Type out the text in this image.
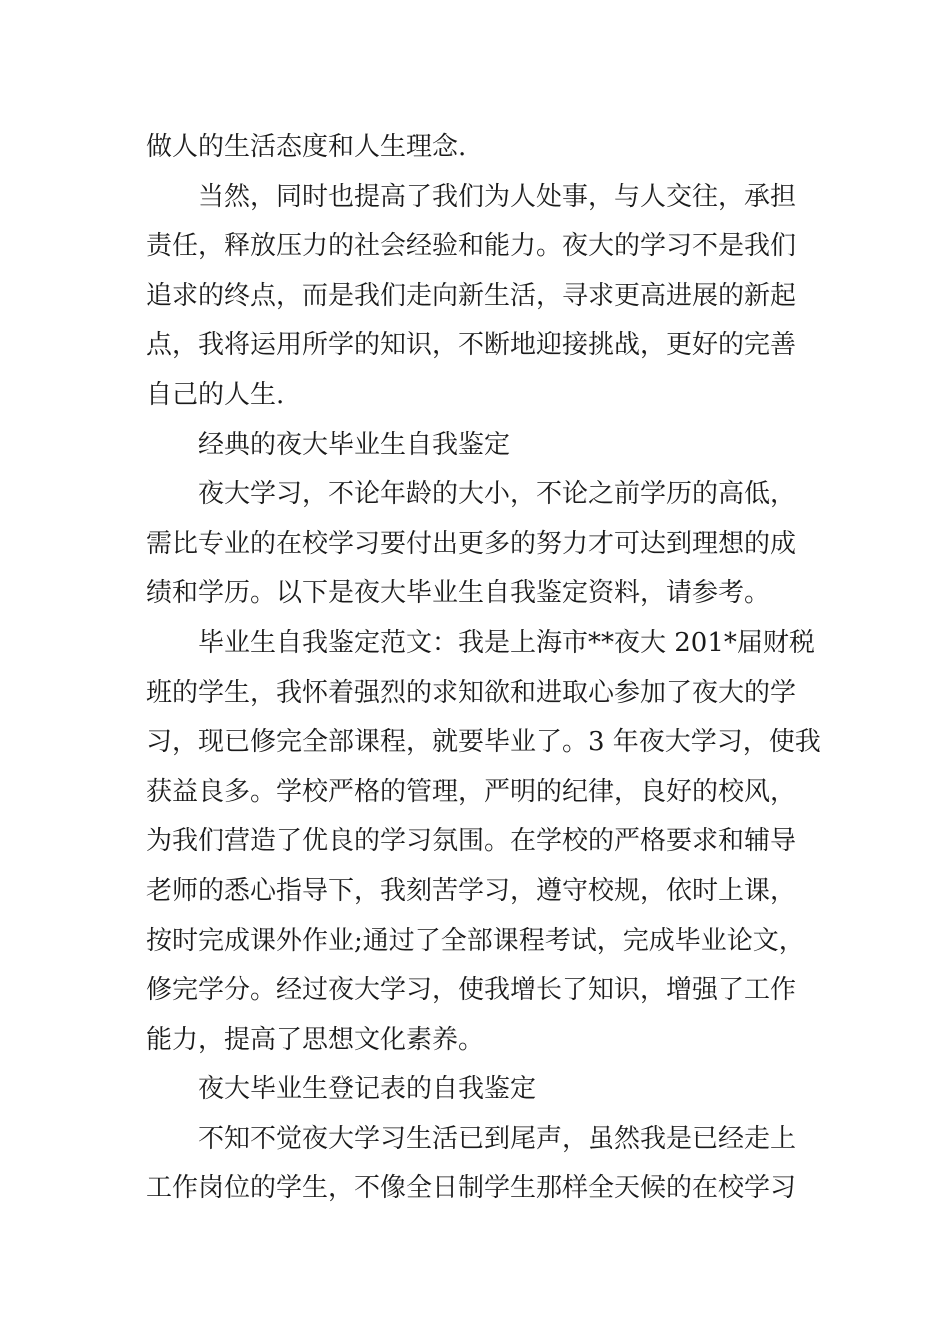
做人的生活态度和人生理念.
当然，同时也提高了我们为人处事，与人交往，承担
责任，释放压力的社会经验和能力。夜大的学习不是我们
追求的终点，而是我们走向新生活，寻求更高进展的新起
点，我将运用所学的知识，不断地迎接挑战，更好的完善
自己的人生.
经典的夜大毕业生自我鉴定
夜大学习，不论年龄的大小，不论之前学历的高低，
需比专业的在校学习要付出更多的努力才可达到理想的成
绩和学历。以下是夜大毕业生自我鉴定资料，请参考。
毕业生自我鉴定范文：我是上海市**夜大 201*届财税
班的学生，我怀着强烈的求知欲和进取心参加了夜大的学
习，现已修完全部课程，就要毕业了。3 年夜大学习，使我
获益良多。学校严格的管理，严明的纪律，良好的校风，
为我们营造了优良的学习氛围。在学校的严格要求和辅导
老师的悉心指导下，我刻苦学习，遵守校规，依时上课，
按时完成课外作业;通过了全部课程考试，完成毕业论文，
修完学分。经过夜大学习，使我增长了知识，增强了工作
能力，提高了思想文化素养。
夜大毕业生登记表的自我鉴定
不知不觉夜大学习生活已到尾声，虽然我是已经走上
工作岗位的学生，不像全日制学生那样全天候的在校学习
